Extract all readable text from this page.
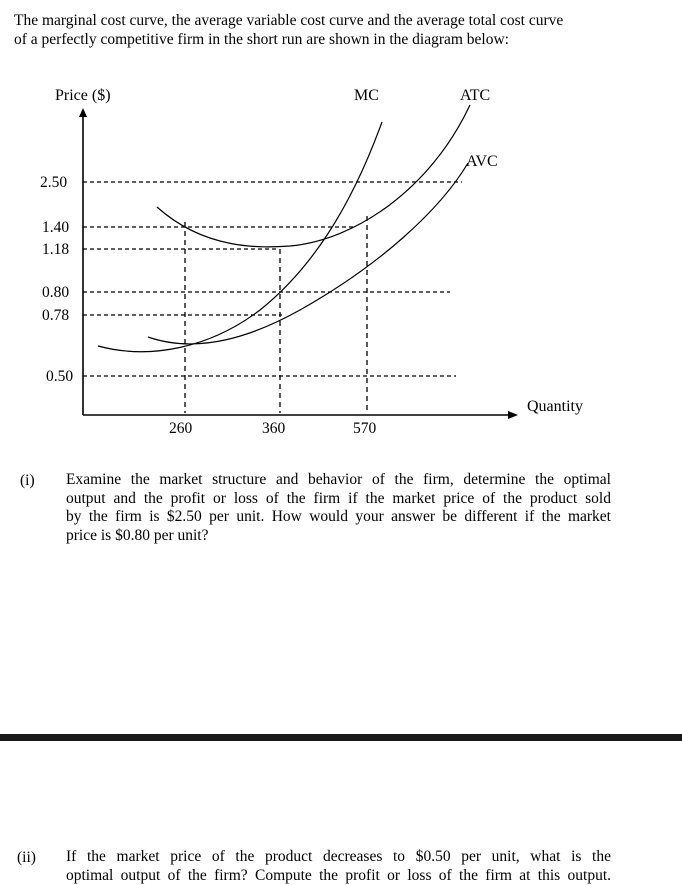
The marginal cost curve, the average variable cost curve and the average total cost curve
of a perfectly competitive firm in the short run are shown in the diagram below:

Price ($)
Quantity
2.50
1.40
1.18
0.80
0.78
0.50
260	360	570
MC	ATC
AVC
(i) Examine the market structure and behavior of the firm, determine the optimal
output and the profit or loss of the firm if the market price of the product sold
by the firm is $2.50 per unit. How would your answer be different if the market
price is $0.80 per unit?

(ii) If the market price of the product decreases to $0.50 per unit, what is the
optimal output of the firm? Compute the profit or loss of the firm at this output.
